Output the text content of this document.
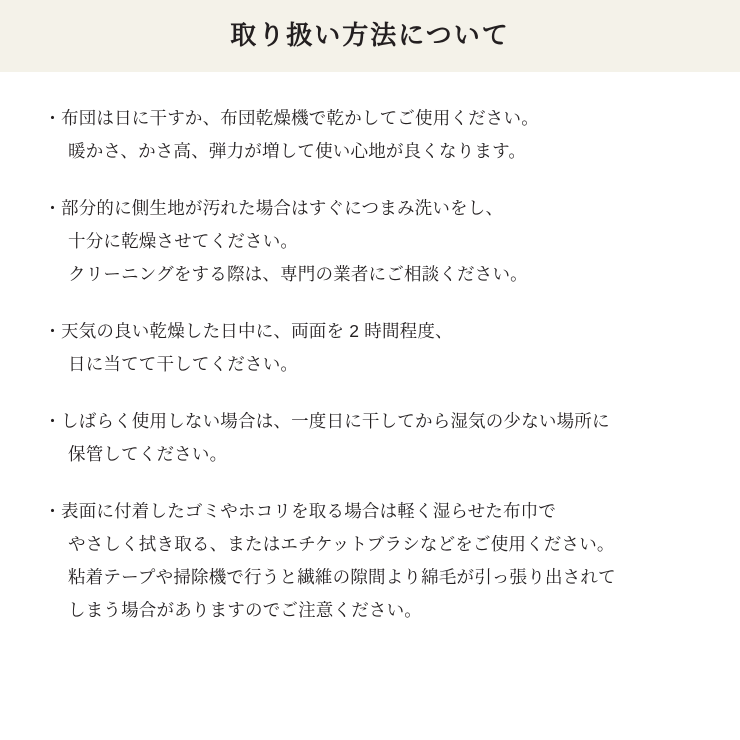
取り扱い方法について
・ 布団は日に干すか、布団乾燥機で乾かしてご使用ください。
暖かさ、かさ高、弾力が増して使い心地が良くなります。
・ 部分的に側生地が汚れた場合はすぐにつまみ洗いをし、
十分に乾燥させてください。
クリーニングをする際は、専門の業者にご相談ください。
・ 天気の良い乾燥した日中に、両面を 2 時間程度、
日に当てて干してください。
・ しばらく使用しない場合は、一度日に干してから湿気の少ない場所に
保管してください。
・ 表面に付着したゴミやホコリを取る場合は軽く湿らせた布巾で
やさしく拭き取る、またはエチケットブラシなどをご使用ください。
粘着テープや掃除機で行うと繊維の隙間より綿毛が引っ張り出されて
しまう場合がありますのでご注意ください。
